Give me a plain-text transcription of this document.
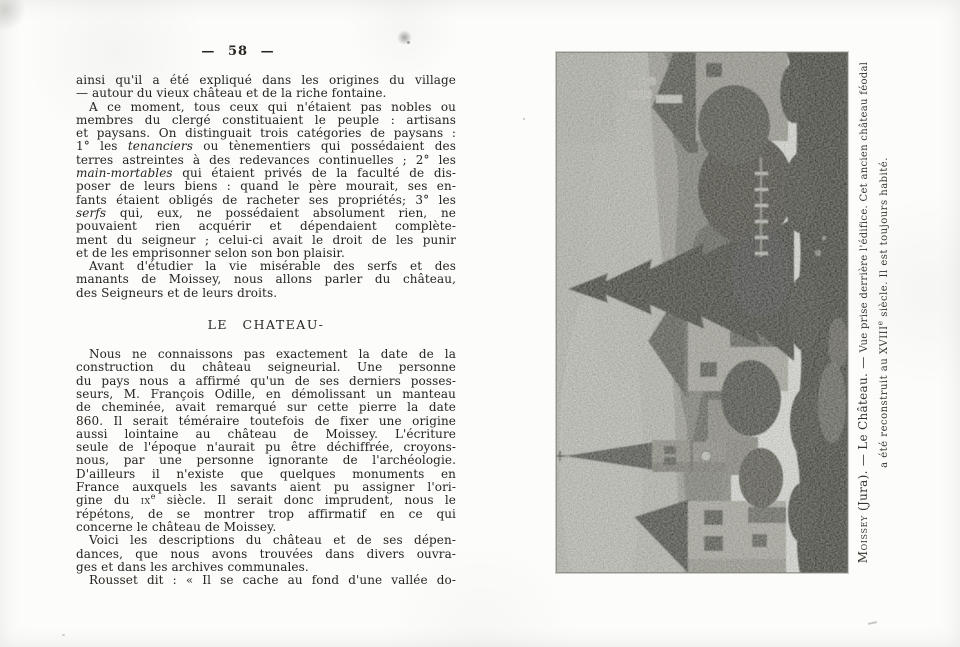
— 58 —
ainsi qu'il a été expliqué dans les origines du village
— autour du vieux château et de la riche fontaine.
A ce moment, tous ceux qui n'étaient pas nobles ou
membres du clergé constituaient le peuple : artisans
et paysans. On distinguait trois catégories de paysans :
1° les tenanciers ou tènementiers qui possédaient des
terres astreintes à des redevances continuelles ; 2° les
main-mortables qui étaient privés de la faculté de dis-
poser de leurs biens : quand le père mourait, ses en-
fants étaient obligés de racheter ses propriétés; 3° les
serfs qui, eux, ne possédaient absolument rien, ne
pouvaient rien acquérir et dépendaient complète-
ment du seigneur ; celui-ci avait le droit de les punir
et de les emprisonner selon son bon plaisir.
Avant d'étudier la vie misérable des serfs et des
manants de Moissey, nous allons parler du château,
des Seigneurs et de leurs droits.
LE CHATEAU-
Nous ne connaissons pas exactement la date de la
construction du château seigneurial. Une personne
du pays nous a affirmé qu'un de ses derniers posses-
seurs, M. François Odille, en démolissant un manteau
de cheminée, avait remarqué sur cette pierre la date
860. Il serait téméraire toutefois de fixer une origine
aussi lointaine au château de Moissey. L'écriture
seule de l'époque n'aurait pu être déchiffrée, croyons-
nous, par une personne ignorante de l'archéologie.
D'ailleurs il n'existe que quelques monuments en
France auxquels les savants aient pu assigner l'ori-
gine du $ix^e$ siècle. Il serait donc imprudent, nous le
répétons, de se montrer trop affirmatif en ce qui
concerne le château de Moissey.
Voici les descriptions du château et de ses dépen-
dances, que nous avons trouvées dans divers ouvra-
ges et dans les archives communales.
Rousset dit : « Il se cache au fond d'une vallée do-
Moissey (Jura). — Le Château. — Vue prise derrière l'édifice. Cet ancien château féodal
a été reconstruit au XVIIIe siècle. Il est toujours habité.
